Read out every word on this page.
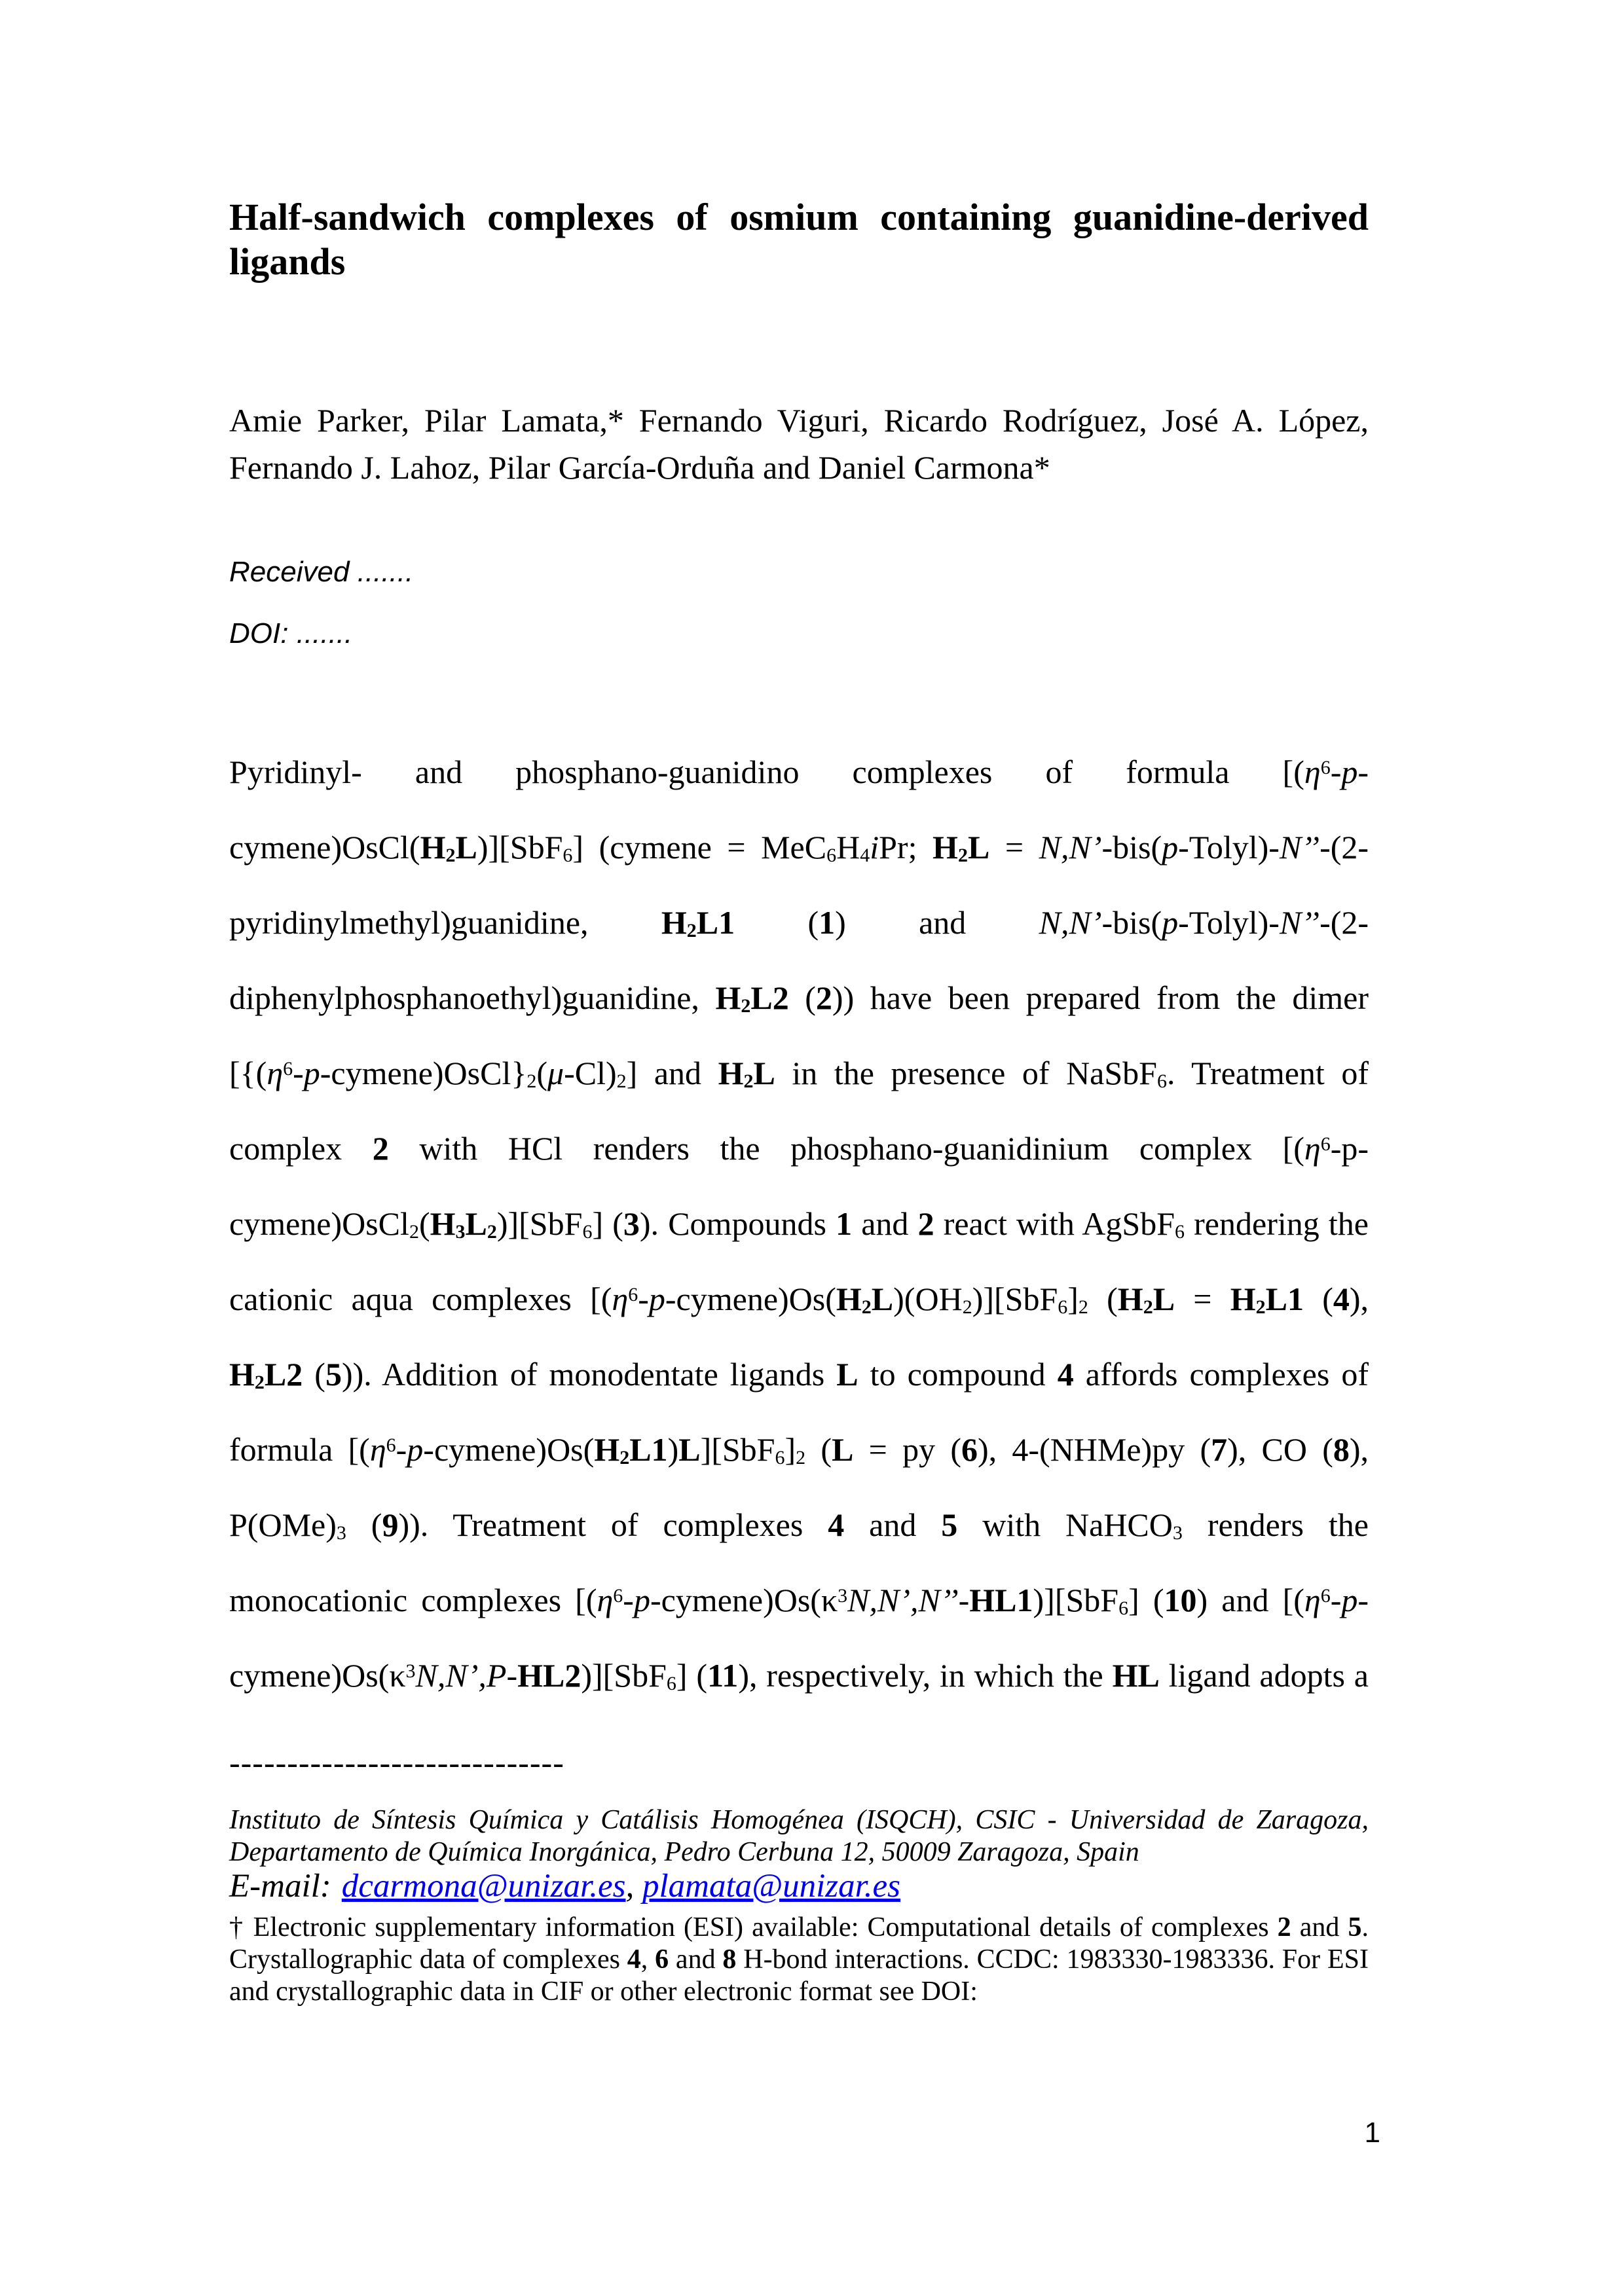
Half-sandwich complexes of osmium containing guanidine-derived
ligands
Amie Parker, Pilar Lamata,* Fernando Viguri, Ricardo Rodríguez, José A. López,
Fernando J. Lahoz, Pilar García-Orduña and Daniel Carmona*
Received .......
DOI: .......
Pyridinyl- and phosphano-guanidino complexes of formula [($\eta^6-p-$
$cymene)OsCl(H_2L)][SbF_6]$ (cymene = $MeC_6H_4iPr$; $H_2L$ = N,N’-bis(p-Tolyl)-N’’-(2-
pyridinylmethyl)guanidine, $H_2L1$ (1) and N,N’-bis(p-Tolyl)-N’’-(2-
diphenylphosphanoethyl)guanidine, $H_2L2$ (2)) have been prepared from the dimer
$[\{(\eta^6-p-cymene)OsCl\}_2(\mu-Cl)_2]$ and $H_2L$ in the presence of NaSbF$_6$. Treatment of
complex 2 with HCl renders the phosphano-guanidinium complex [($\eta^6-p-$
$cymene)OsCl_2(H_3L_2)][SbF_6]$ (3). Compounds 1 and 2 react with AgSbF$_6$ rendering the
cationic aqua complexes $[(\eta^6-p-cymene)Os(H_2L)(OH_2)][SbF_6]_2$ ($H_2L = H_2L1$ (4),
$H_2L2$ (5)). Addition of monodentate ligands L to compound 4 affords complexes of
formula $[(\eta^6-p-cymene)Os(H_2L1)L][SbF_6]_2$ (L = py (6), 4-(NHMe)py (7), CO (8),
$P(OMe)_3$ (9)). Treatment of complexes 4 and 5 with NaHCO$_3$ renders the
monocationic complexes $[(\eta^6-p-cymene)Os(\kappa^3N,N’,N’’-HL1)][SbF_6]$ (10) and [($\eta^6-p-$
$cymene)Os(\kappa^3N,N’,P-HL2)][SbF_6]$ (11), respectively, in which the HL ligand adopts a
-----------------------------
Instituto de Síntesis Química y Catálisis Homogénea (ISQCH), CSIC - Universidad de Zaragoza,
Departamento de Química Inorgánica, Pedro Cerbuna 12, 50009 Zaragoza, Spain
E-mail: dcarmona@unizar.es, plamata@unizar.es
† Electronic supplementary information (ESI) available: Computational details of complexes 2 and 5.
Crystallographic data of complexes 4, 6 and 8 H-bond interactions. CCDC: 1983330-1983336. For ESI
and crystallographic data in CIF or other electronic format see DOI:
1
